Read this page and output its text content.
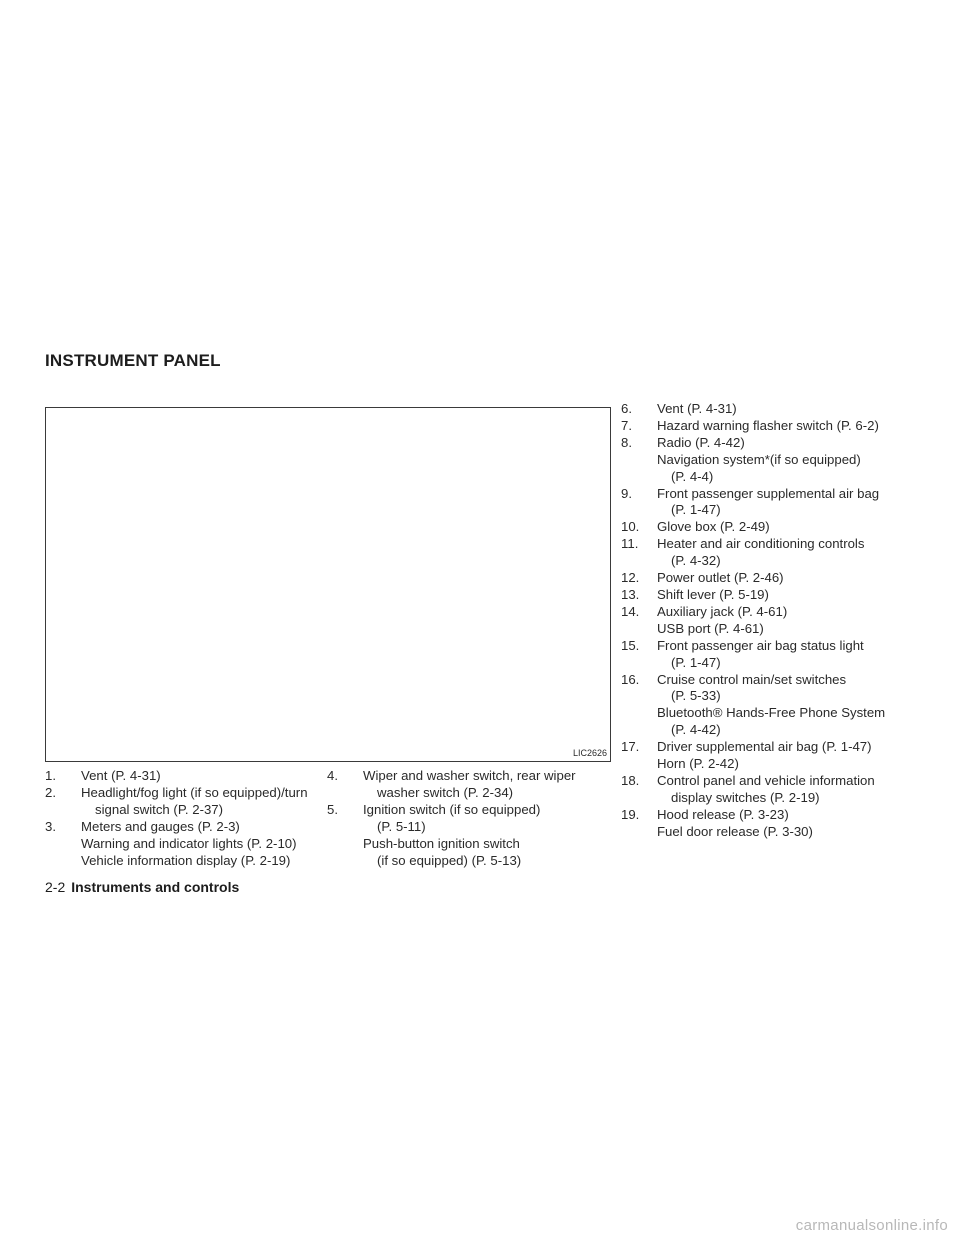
INSTRUMENT PANEL
LIC2626
1. Vent (P. 4-31)
2. Headlight/fog light (if so equipped)/turn
signal switch (P. 2-37)
3. Meters and gauges (P. 2-3)
Warning and indicator lights (P. 2-10)
Vehicle information display (P. 2-19)
4. Wiper and washer switch, rear wiper
washer switch (P. 2-34)
5. Ignition switch (if so equipped)
(P. 5-11)
Push-button ignition switch
(if so equipped) (P. 5-13)
6. Vent (P. 4-31)
7. Hazard warning flasher switch (P. 6-2)
8. Radio (P. 4-42)
Navigation system*(if so equipped)
(P. 4-4)
9. Front passenger supplemental air bag
(P. 1-47)
10. Glove box (P. 2-49)
11. Heater and air conditioning controls
(P. 4-32)
12. Power outlet (P. 2-46)
13. Shift lever (P. 5-19)
14. Auxiliary jack (P. 4-61)
USB port (P. 4-61)
15. Front passenger air bag status light
(P. 1-47)
16. Cruise control main/set switches
(P. 5-33)
Bluetooth® Hands-Free Phone System
(P. 4-42)
17. Driver supplemental air bag (P. 1-47)
Horn (P. 2-42)
18. Control panel and vehicle information
display switches (P. 2-19)
19. Hood release (P. 3-23)
Fuel door release (P. 3-30)
2-2 Instruments and controls
carmanualsonline.info
